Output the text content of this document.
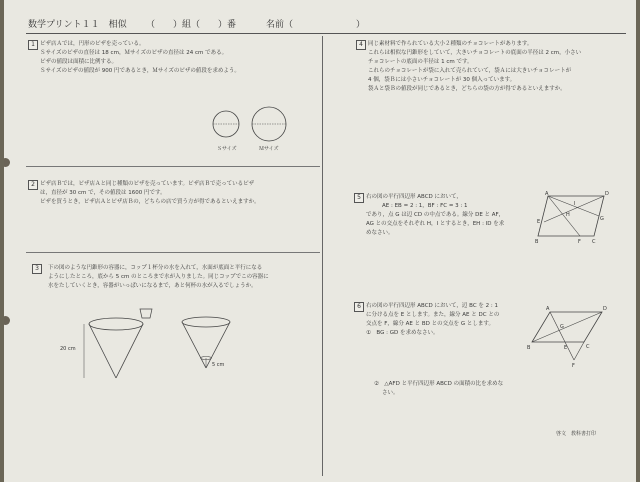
数学プリント１１　相似 （　　）組（　　）番	名前（	）
1 ピザ店Ａでは，円形のピザを売っている。
Ｓサイズのピザの直径は 18 cm，Ｍサイズのピザの直径は 24 cm である。
ピザの値段は面積に比例する。
Ｓサイズのピザの値段が 900 円であるとき，Ｍサイズのピザの値段を求めよう。
Ｓサイズ	Ｍサイズ
2 ピザ店Ｂでは，ピザ店Ａと同じ種類のピザを売っています。ピザ店Ｂで売っているピザ
は，直径が 30 cm で，その値段は 1600 円です。
ピザを買うとき，ピザ店Ａとピザ店Ｂの，どちらの店で買う方が得であるといえますか。
3	下の図のような円錐形の容器に，コップ１杯分の水を入れて，水面が底面と平行になる
ようにしたところ，底から 5 cm のところまで水が入りました。同じコップでこの容器に
水をたしていくとき，容器がいっぱいになるまで，あと何杯の水が入るでしょうか。
20 cm
5 cm
4 同じ素材料で作られている大小２種類のチョコレートがあります。
これらは相似な円錐形をしていて，大きいチョコレートの底面の半径は 2 cm，小さい
チョコレートの底面の半径は 1 cm です。
これらのチョコレートが袋に入れて売られていて，袋Ａには大きいチョコレートが
4 個，袋Ｂには小さいチョコレートが 30 個入っています。
袋Ａと袋Ｂの値段が同じであるとき，どちらの袋の方が得であるといえますか。
5 右の図の平行四辺形 ABCD において，
AE : EB = 2 : 1，BF : FC = 3 : 1
であり，点 G は辺 CD の中点である。線分 DE と AF，
AG との交点をそれぞれ H，I とするとき，EH : ID を求
めなさい。
A	D
I
H
G
E
B	F C
6 右の図の平行四辺形 ABCD において，辺 BC を 2 : 1
に分ける点を E とします。また，線分 AE と DC との
交点を F，線分 AE と BD との交点を G とします。
①　BG : GD を求めなさい。
②　△AFD と平行四辺形 ABCD の面積の比を求めな
さい。
A	D
G
B	E	C
F
啓文　教科書打印
